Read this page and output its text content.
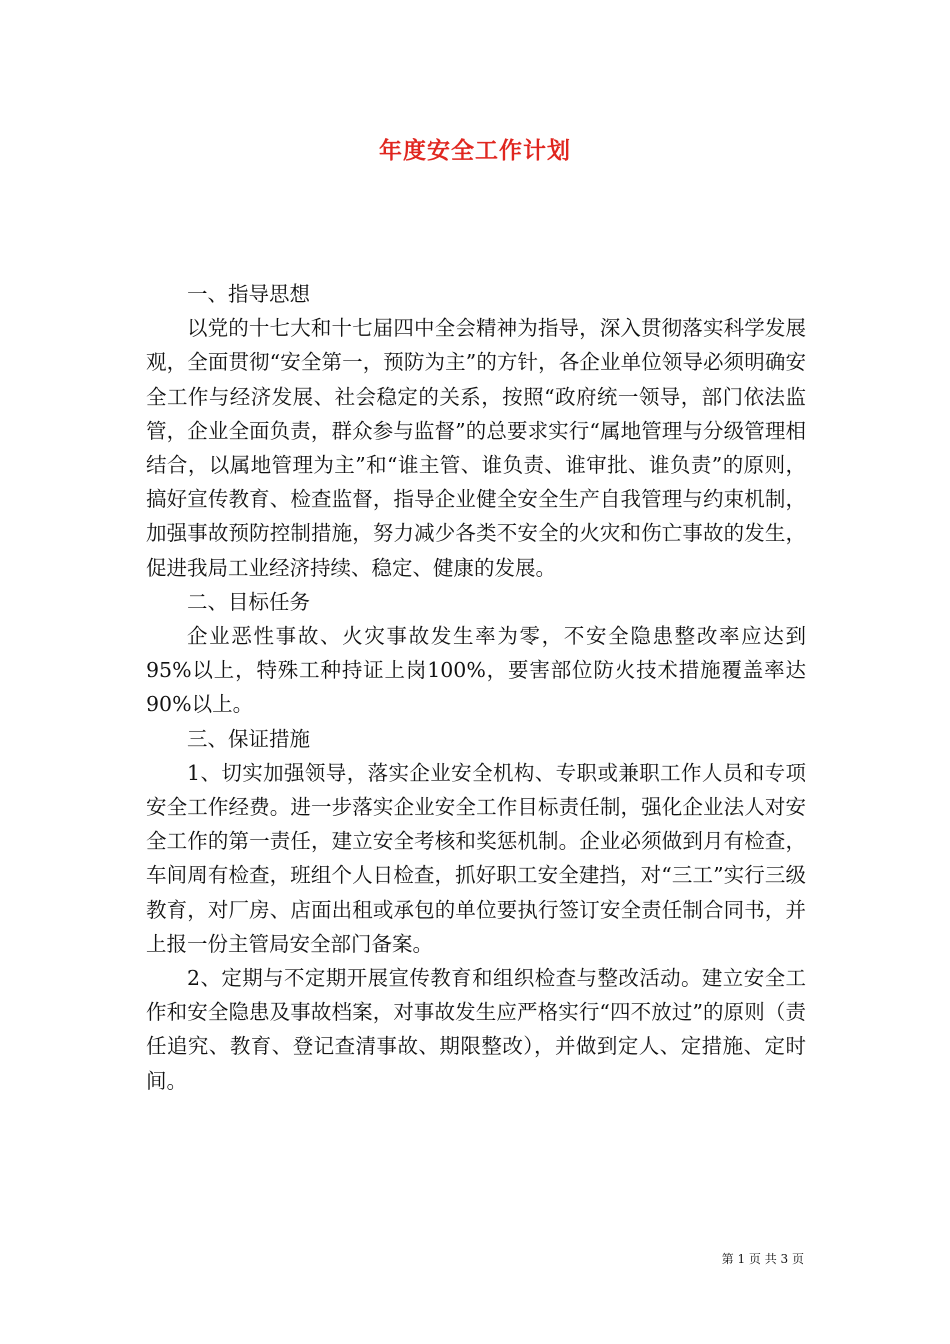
年度安全工作计划

一、指导思想

以党的十七大和十七届四中全会精神为指导，深入贯彻落实科学发展观，全面贯彻“安全第一，预防为主”的方针，各企业单位领导必须明确安全工作与经济发展、社会稳定的关系，按照“政府统一领导，部门依法监管，企业全面负责，群众参与监督”的总要求实行“属地管理与分级管理相结合，以属地管理为主”和“谁主管、谁负责、谁审批、谁负责”的原则，搞好宣传教育、检查监督，指导企业健全安全生产自我管理与约束机制，加强事故预防控制措施，努力减少各类不安全的火灾和伤亡事故的发生，促进我局工业经济持续、稳定、健康的发展。

二、目标任务

企业恶性事故、火灾事故发生率为零，不安全隐患整改率应达到95%以上，特殊工种持证上岗100%，要害部位防火技术措施覆盖率达90%以上。

三、保证措施

1、切实加强领导，落实企业安全机构、专职或兼职工作人员和专项安全工作经费。进一步落实企业安全工作目标责任制，强化企业法人对安全工作的第一责任，建立安全考核和奖惩机制。企业必须做到月有检查，车间周有检查，班组个人日检查，抓好职工安全建挡，对“三工”实行三级教育，对厂房、店面出租或承包的单位要执行签订安全责任制合同书，并上报一份主管局安全部门备案。

2、定期与不定期开展宣传教育和组织检查与整改活动。建立安全工作和安全隐患及事故档案，对事故发生应严格实行“四不放过”的原则（责任追究、教育、登记查清事故、期限整改），并做到定人、定措施、定时间。

第 1 页 共 3 页
